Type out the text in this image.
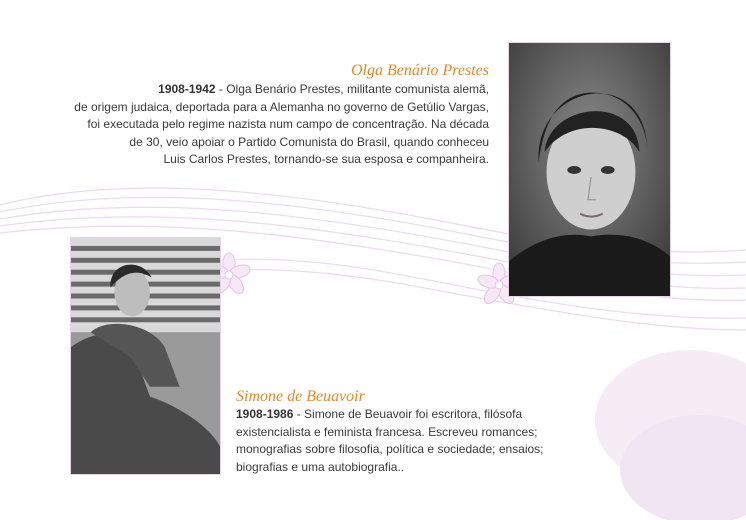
Olga Benário Prestes
1908-1942 - Olga Benário Prestes, militante comunista alemã,
de origem judaica, deportada para a Alemanha no governo de Getúlio Vargas,
foi executada pelo regime nazista num campo de concentração. Na década
de 30, veio apoiar o Partido Comunista do Brasil, quando conheceu
Luis Carlos Prestes, tornando-se sua esposa e companheira.
Simone de Beuavoir
1908-1986 - Simone de Beuavoir foi escritora, filósofa
existencialista e feminista francesa. Escreveu romances;
monografias sobre filosofia, política e sociedade; ensaios;
biografias e uma autobiografia..
